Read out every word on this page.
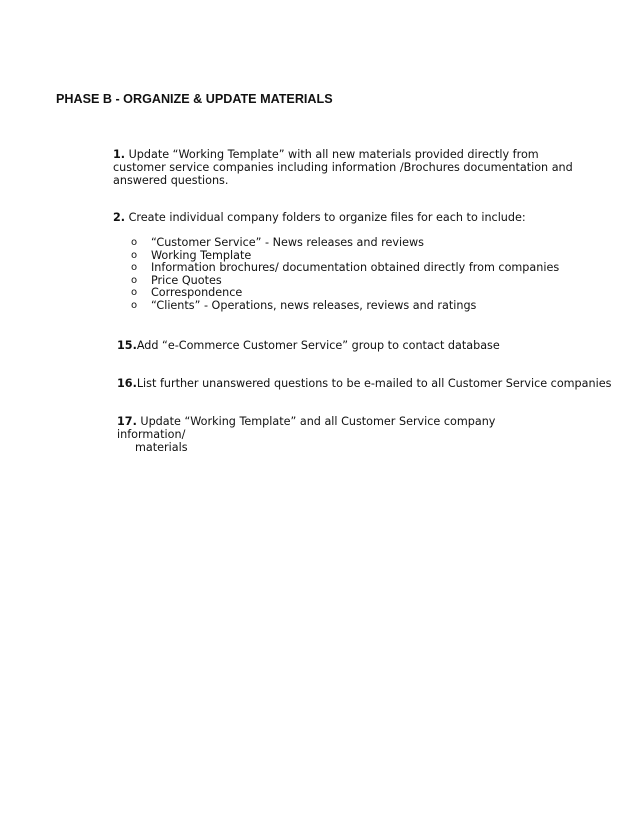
PHASE B - ORGANIZE & UPDATE MATERIALS
1. Update “Working Template” with all new materials provided directly from customer service companies including information /Brochures documentation and answered questions.
2. Create individual company folders to organize files for each to include:
o “Customer Service” - News releases and reviews
o Working Template
o Information brochures/ documentation obtained directly from companies
o Price Quotes
o Correspondence
o “Clients” - Operations, news releases, reviews and ratings
15.Add “e-Commerce Customer Service” group to contact database
16.List further unanswered questions to be e-mailed to all Customer Service companies
17. Update “Working Template” and all Customer Service company information/
materials
